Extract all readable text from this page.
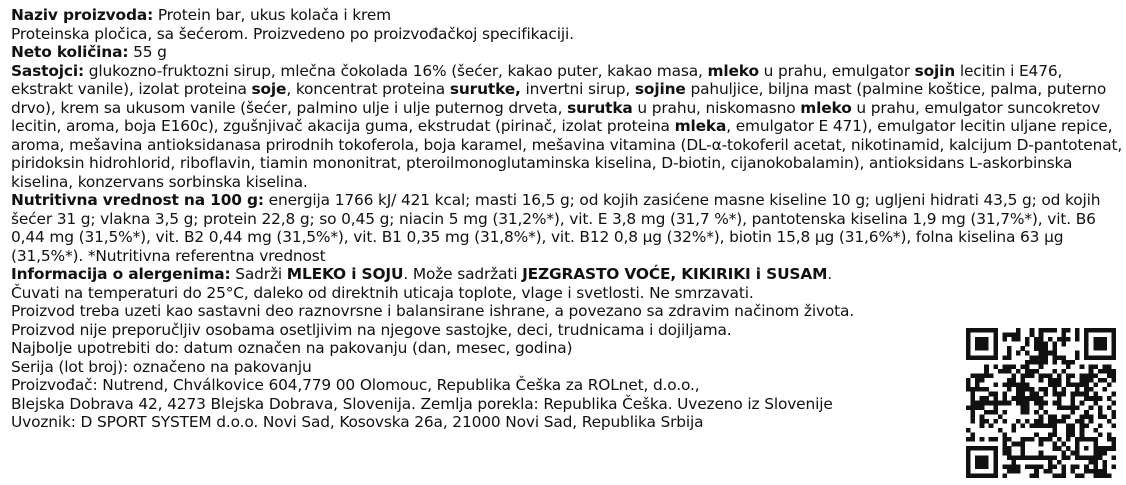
Naziv proizvoda: Protein bar, ukus kolača i krem

Proteinska pločica, sa šećerom. Proizvedeno po proizvođačkoj specifikaciji.

Neto količina: 55 g

Sastojci: glukozno-fruktozni sirup, mlečna čokolada 16% (šećer, kakao puter, kakao masa, mleko u prahu, emulgator sojin lecitin i E476, ekstrakt vanile), izolat proteina soje, koncentrat proteina surutke, invertni sirup, sojine pahuljice, biljna mast (palmine koštice, palma, puterno drvo), krem sa ukusom vanile (šećer, palmino ulje i ulje puternog drveta, surutka u prahu, niskomasno mleko u prahu, emulgator suncokretov lecitin, aroma, boja E160c), zgušnjivač akacija guma, ekstrudat (pirinač, izolat proteina mleka, emulgator E 471), emulgator lecitin uljane repice, aroma, mešavina antioksidanasa prirodnih tokoferola, boja karamel, mešavina vitamina (DL-α-tokoferil acetat, nikotinamid, kalcijum D-pantotenat, piridoksin hidrohlorid, riboflavin, tiamin mononitrat, pteroilmonoglutaminska kiselina, D-biotin, cijanokobalamin), antioksidans L-askorbinska kiselina, konzervans sorbinska kiselina.

Nutritivna vrednost na 100 g: energija 1766 kJ/ 421 kcal; masti 16,5 g; od kojih zasićene masne kiseline 10 g; ugljeni hidrati 43,5 g; od kojih šećer 31 g; vlakna 3,5 g; protein 22,8 g; so 0,45 g; niacin 5 mg (31,2%*), vit. E 3,8 mg (31,7 %*), pantotenska kiselina 1,9 mg (31,7%*), vit. B6 0,44 mg (31,5%*), vit. B2 0,44 mg (31,5%*), vit. B1 0,35 mg (31,8%*), vit. B12 0,8 µg (32%*), biotin 15,8 µg (31,6%*), folna kiselina 63 µg (31,5%*). *Nutritivna referentna vrednost

Informacija o alergenima: Sadrži MLEKO i SOJU. Može sadržati JEZGRASTO VOĆE, KIKIRIKI i SUSAM.

Čuvati na temperaturi do 25°C, daleko od direktnih uticaja toplote, vlage i svetlosti. Ne smrzavati.

Proizvod treba uzeti kao sastavni deo raznovrsne i balansirane ishrane, a povezano sa zdravim načinom života.

Proizvod nije preporučljiv osobama osetljivim na njegove sastojke, deci, trudnicama i dojiljama.

Najbolje upotrebiti do: datum označen na pakovanju (dan, mesec, godina)

Serija (lot broj): označeno na pakovanju

Proizvođač: Nutrend, Chválkovice 604,779 00 Olomouc, Republika Češka za ROLnet, d.o.o.,

Blejska Dobrava 42, 4273 Blejska Dobrava, Slovenija. Zemlja porekla: Republika Češka. Uvezeno iz Slovenije

Uvoznik: D SPORT SYSTEM d.o.o. Novi Sad, Kosovska 26a, 21000 Novi Sad, Republika Srbija
